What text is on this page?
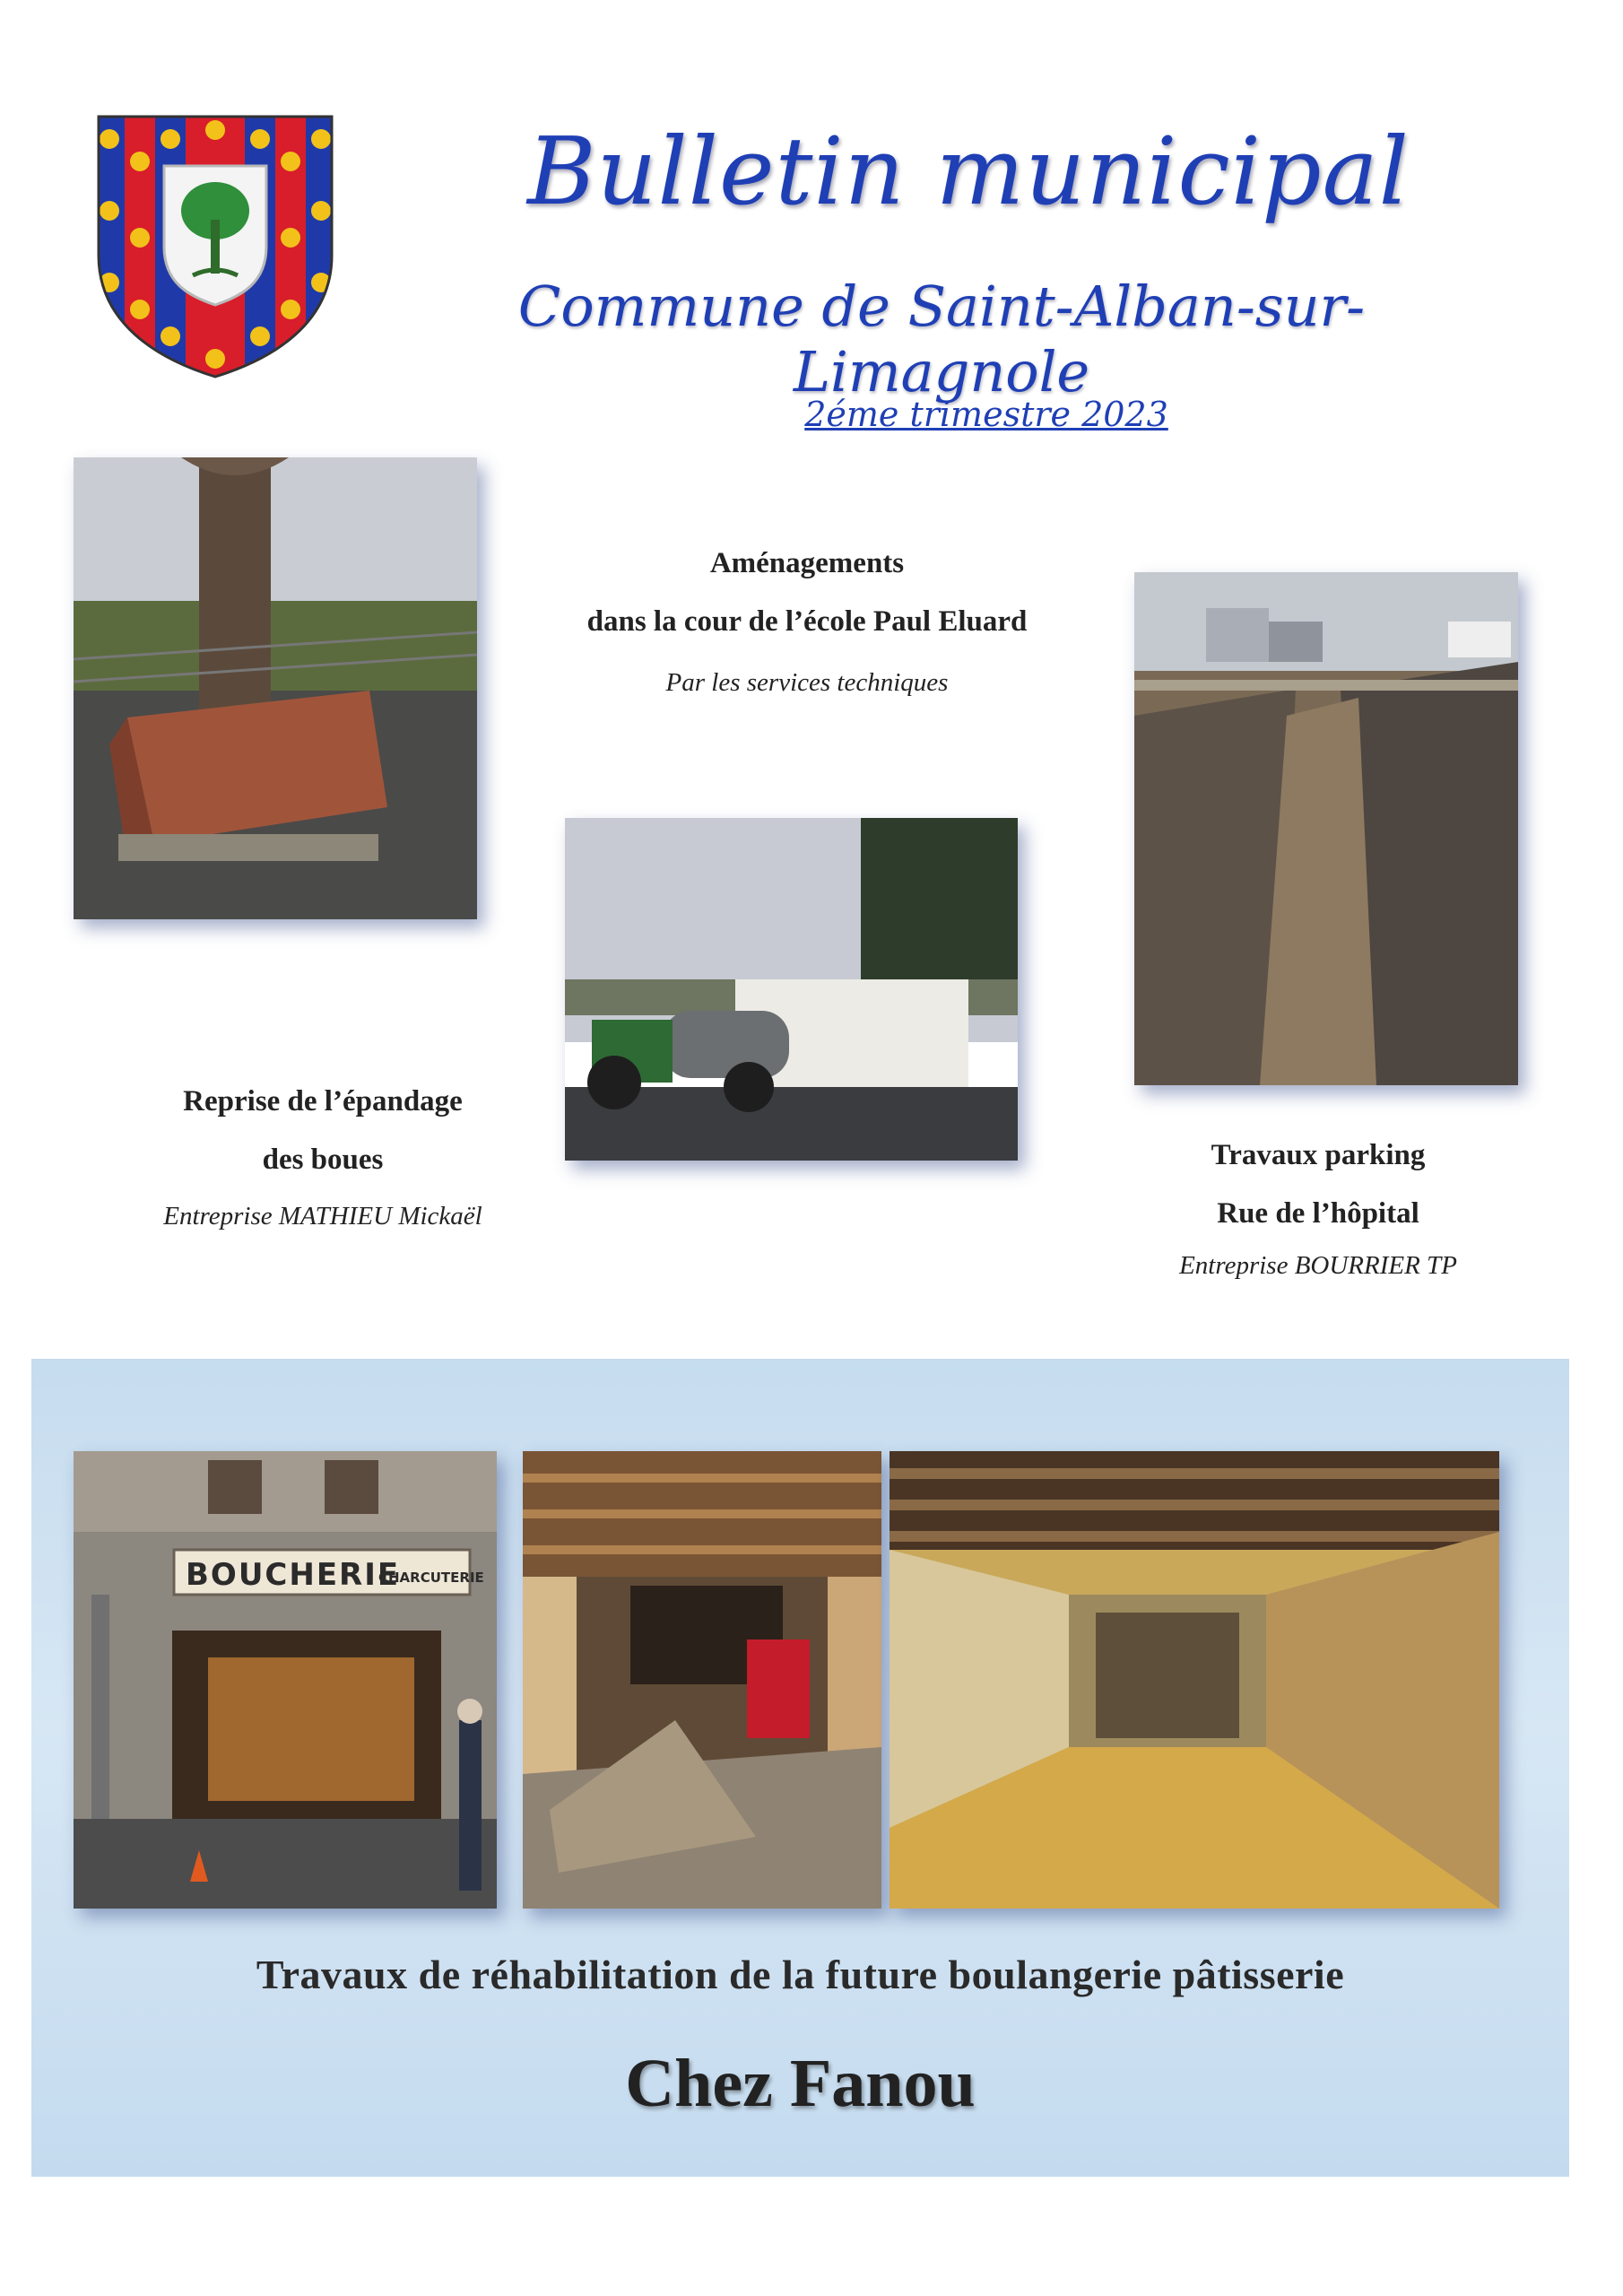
Bulletin municipal
Commune de Saint-Alban-sur-Limagnole
2éme trimestre 2023
Aménagements
dans la cour de l’école Paul Eluard
Par les services techniques
Reprise de l’épandage
des boues
Entreprise MATHIEU Mickaël
Travaux parking
Rue de l’hôpital
Entreprise BOURRIER TP
BOUCHERIE
CHARCUTERIE
Travaux de réhabilitation de la future boulangerie pâtisserie
Chez Fanou
